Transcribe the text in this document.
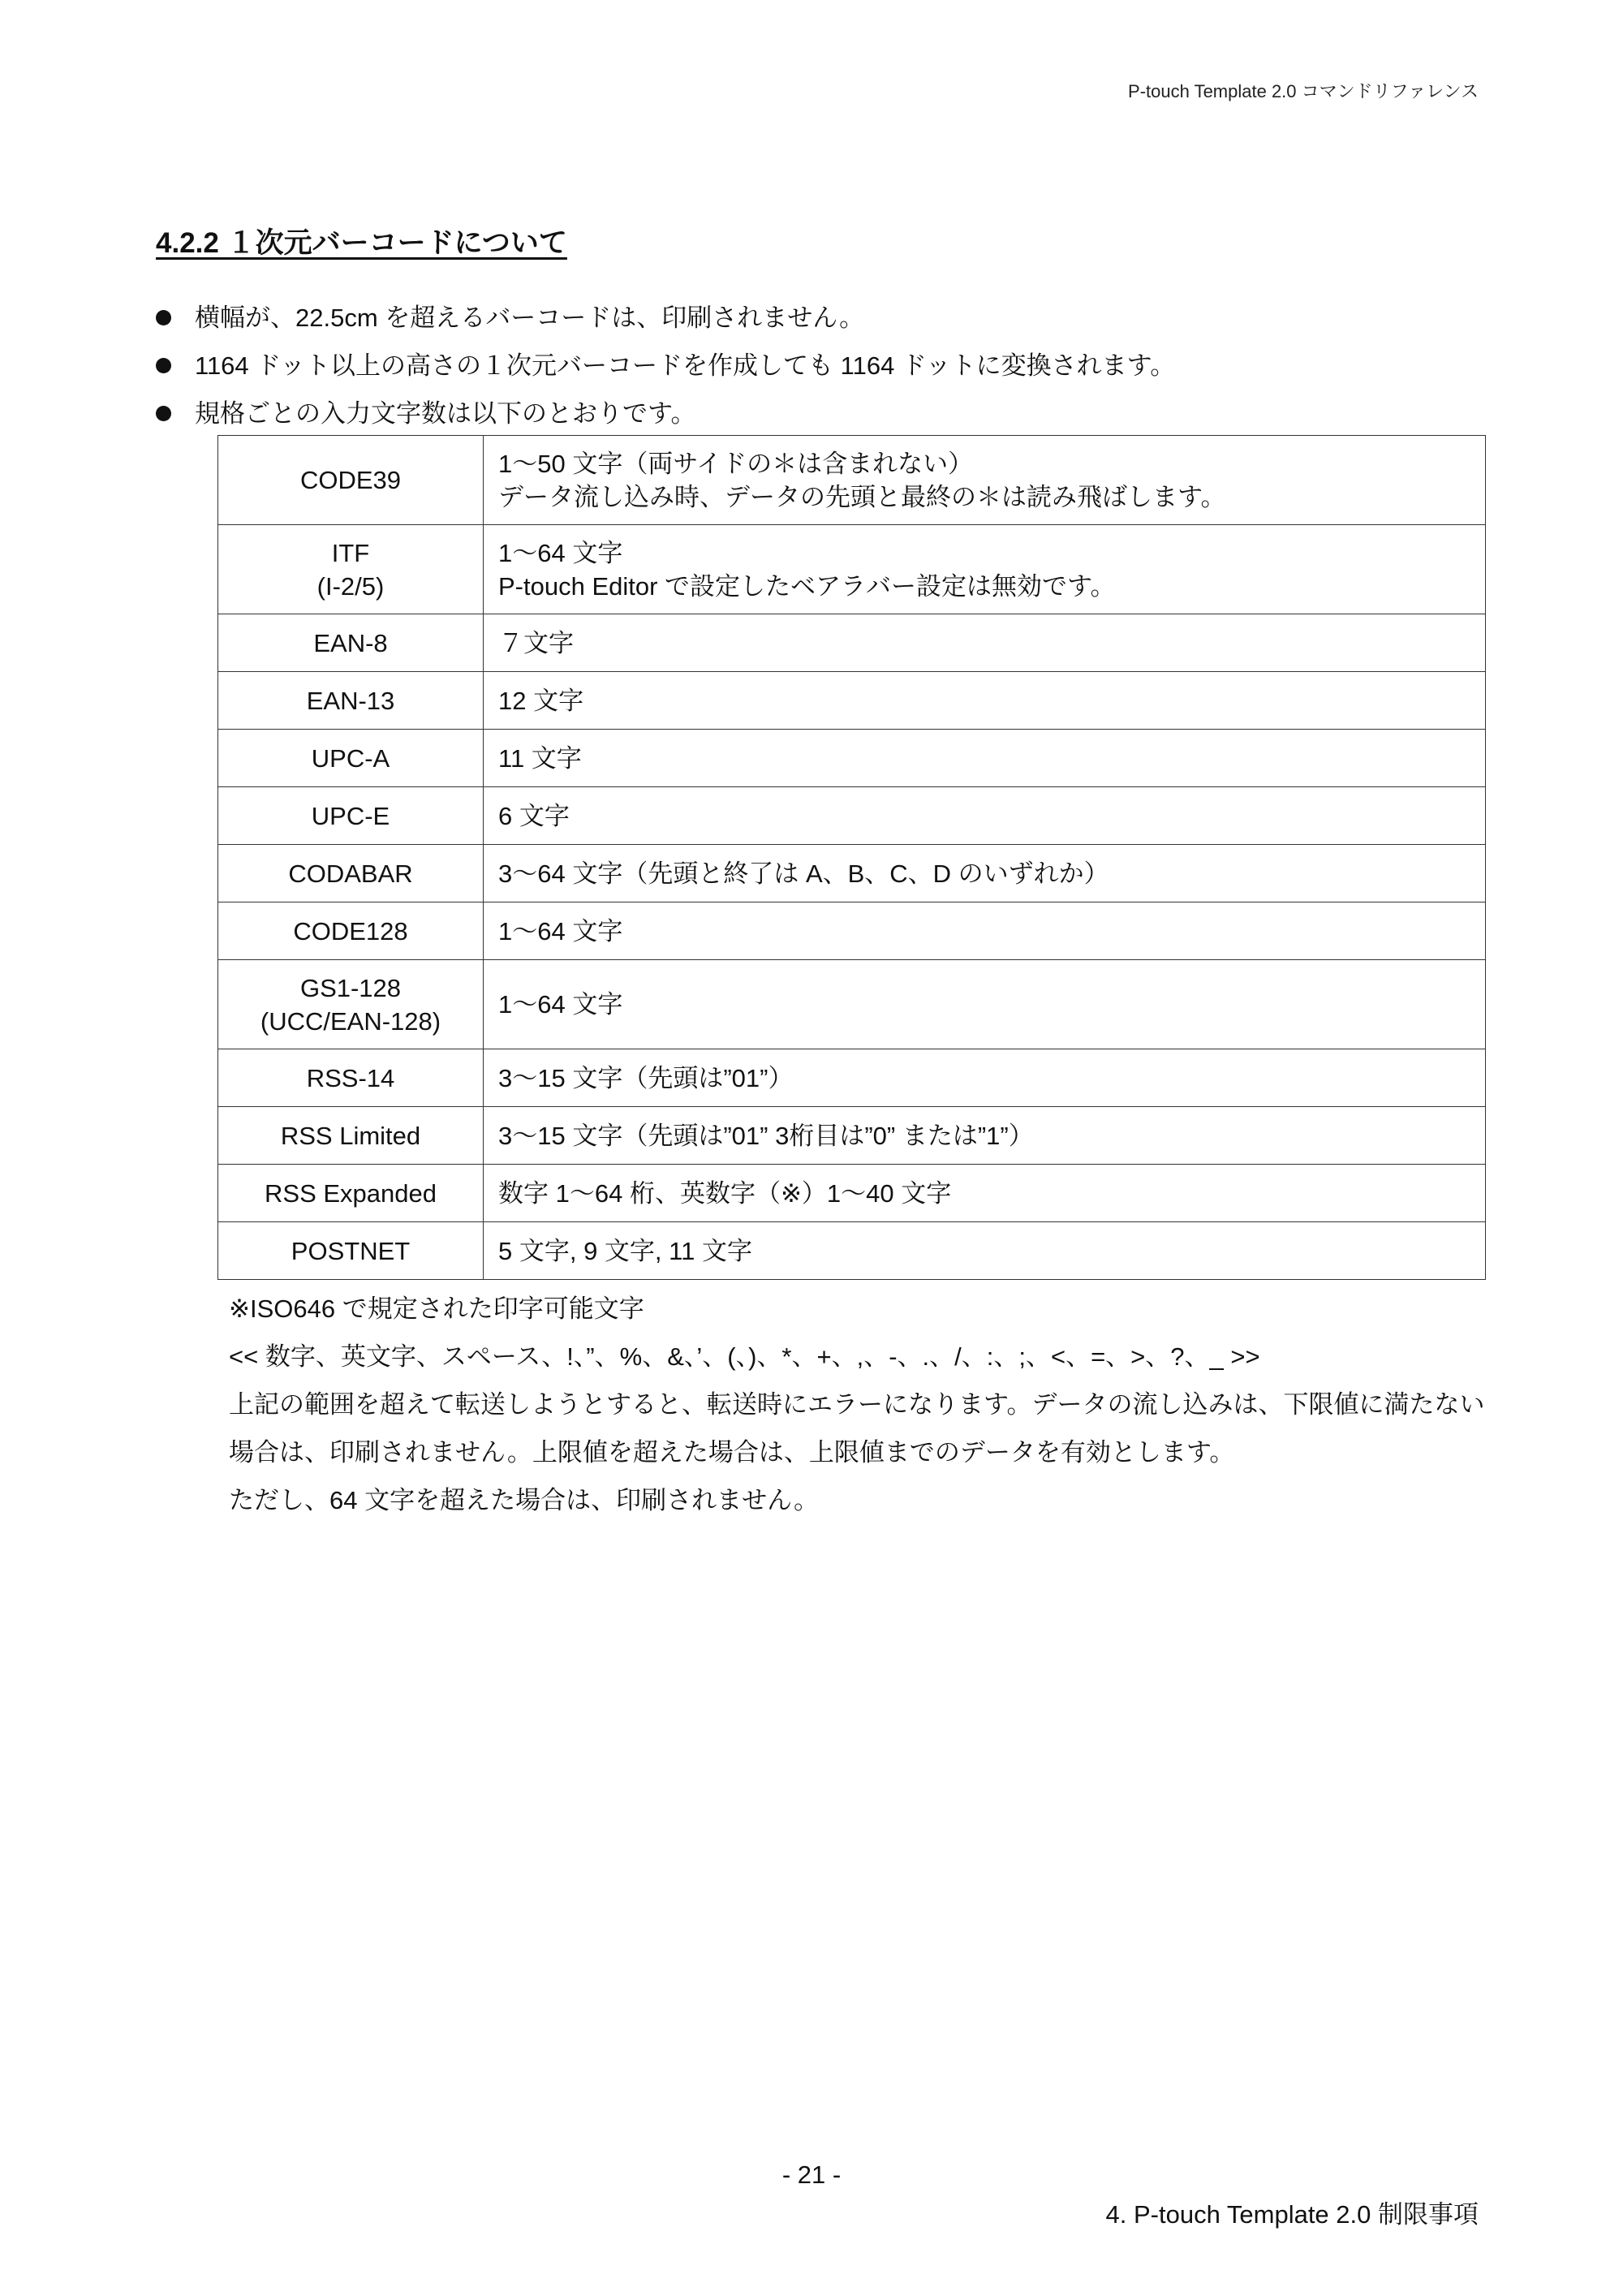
P-touch Template 2.0 コマンドリファレンス
4.2.2 １次元バーコードについて
横幅が、22.5cm を超えるバーコードは、印刷されません。
1164 ドット以上の高さの１次元バーコードを作成しても 1164 ドットに変換されます。
規格ごとの入力文字数は以下のとおりです。
CODE39	1〜50 文字（両サイドの＊は含まれない）
データ流し込み時、データの先頭と最終の＊は読み飛ばします。

ITF
(I-2/5)	1〜64 文字
P-touch Editor で設定したベアラバー設定は無効です。

EAN-8	７文字

EAN-13	12 文字

UPC-A	11 文字

UPC-E	6 文字

CODABAR	3〜64 文字（先頭と終了は A、B、C、D のいずれか）

CODE128	1〜64 文字

GS1-128
(UCC/EAN-128)	1〜64 文字

RSS-14	3〜15 文字（先頭は”01”）

RSS Limited	3〜15 文字（先頭は”01” 3桁目は”0” または”1”）

RSS Expanded	数字 1〜64 桁、英数字（※）1〜40 文字

POSTNET	5 文字, 9 文字, 11 文字

※ISO646 で規定された印字可能文字

<< 数字、英文字、スペース、!、”、%、&、’、(、)、*、+、,、-、.、/、:、;、<、=、>、?、_ >>

上記の範囲を超えて転送しようとすると、転送時にエラーになります。データの流し込みは、下限値に満たない場合は、印刷されません。上限値を超えた場合は、上限値までのデータを有効とします。

ただし、64 文字を超えた場合は、印刷されません。

- 21 -
4. P-touch Template 2.0 制限事項
